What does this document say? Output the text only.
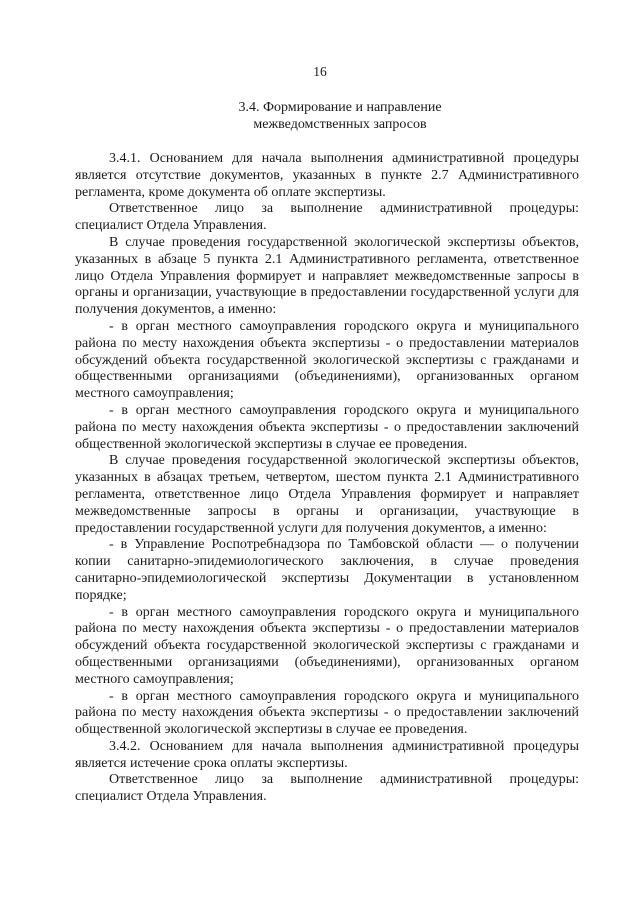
16
3.4. Формирование и направление
межведомственных запросов

3.4.1. Основанием для начала выполнения административной процедуры является отсутствие документов, указанных в пункте 2.7 Административного регламента, кроме документа об оплате экспертизы.

Ответственное лицо за выполнение административной процедуры: специалист Отдела Управления.

В случае проведения государственной экологической экспертизы объектов, указанных в абзаце 5 пункта 2.1 Административного регламента, ответственное лицо Отдела Управления формирует и направляет межведомственные запросы в органы и организации, участвующие в предоставлении государственной услуги для получения документов, а именно:

- в орган местного самоуправления городского округа и муниципального района по месту нахождения объекта экспертизы - о предоставлении материалов обсуждений объекта государственной экологической экспертизы с гражданами и общественными организациями (объединениями), организованных органом местного самоуправления;

- в орган местного самоуправления городского округа и муниципального района по месту нахождения объекта экспертизы - о предоставлении заключений общественной экологической экспертизы в случае ее проведения.

В случае проведения государственной экологической экспертизы объектов, указанных в абзацах третьем, четвертом, шестом пункта 2.1 Административного регламента, ответственное лицо Отдела Управления формирует и направляет межведомственные запросы в органы и организации, участвующие в предоставлении государственной услуги для получения документов, а именно:

- в Управление Роспотребнадзора по Тамбовской области — о получении копии санитарно-эпидемиологического заключения, в случае проведения санитарно-эпидемиологической экспертизы Документации в установленном порядке;

- в орган местного самоуправления городского округа и муниципального района по месту нахождения объекта экспертизы - о предоставлении материалов обсуждений объекта государственной экологической экспертизы с гражданами и общественными организациями (объединениями), организованных органом местного самоуправления;

- в орган местного самоуправления городского округа и муниципального района по месту нахождения объекта экспертизы - о предоставлении заключений общественной экологической экспертизы в случае ее проведения.

3.4.2. Основанием для начала выполнения административной процедуры является истечение срока оплаты экспертизы.

Ответственное лицо за выполнение административной процедуры: специалист Отдела Управления.
